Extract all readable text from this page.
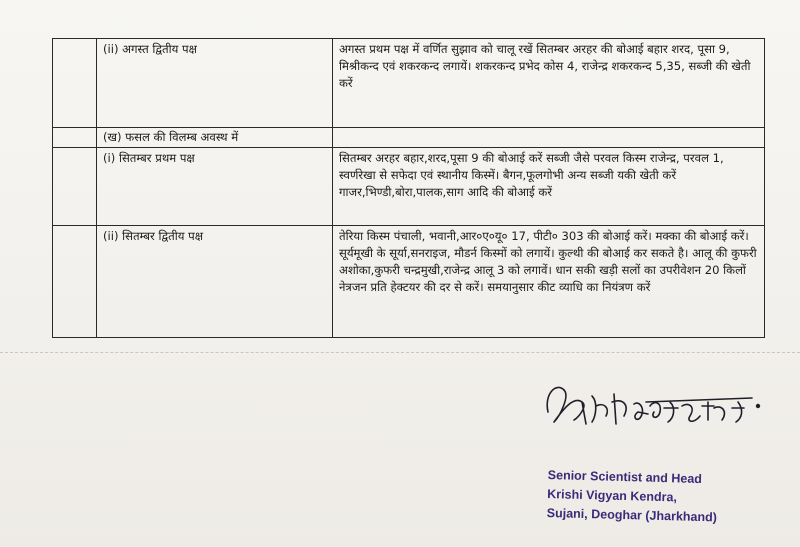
	(ii) अगस्त द्वितीय पक्ष	अगस्त प्रथम पक्ष में वर्णित सुझाव को चालू रखें सितम्बर अरहर की बोआई बहार शरद, पूसा 9, मिश्रीकन्द एवं शकरकन्द लगायें। शकरकन्द प्रभेद कोस 4, राजेन्द्र शकरकन्द 5,35, सब्जी की खेती करें
	(ख) फसल की विलम्ब अवस्थ में	
	(i) सितम्बर प्रथम पक्ष	सितम्बर अरहर बहार,शरद,पूसा 9 की बोआई करें सब्जी जैसे परवल किस्म राजेन्द्र, परवल 1, स्वर्णरेखा से सफेदा एवं स्थानीय किस्में। बैगन,फूलगोभी अन्य सब्जी यकी खेती करें गाजर,भिण्डी,बोरा,पालक,साग आदि की बोआई करें
	(ii) सितम्बर द्वितीय पक्ष	तेरिया किस्म पंचाली, भवानी,आर०ए०यू० 17, पीटी० 303 की बोआई करें। मक्का की बोआई करें। सूर्यमूखी के सूर्या,सनराइज, मौडर्न किस्मों को लगायें। कुल्थी की बोआई कर सकते है। आलू की कुफरी अशोका,कुफरी चन्द्रमुखी,राजेन्द्र आलू 3 को लगावें। धान सकी खड़ी सलों का उपरीवेशन 20 किलों नेत्रजन प्रति हेक्टयर की दर से करें। समयानुसार कीट व्याधि का नियंत्रण करें
Senior Scientist and Head
Krishi Vigyan Kendra,
Sujani, Deoghar (Jharkhand)
